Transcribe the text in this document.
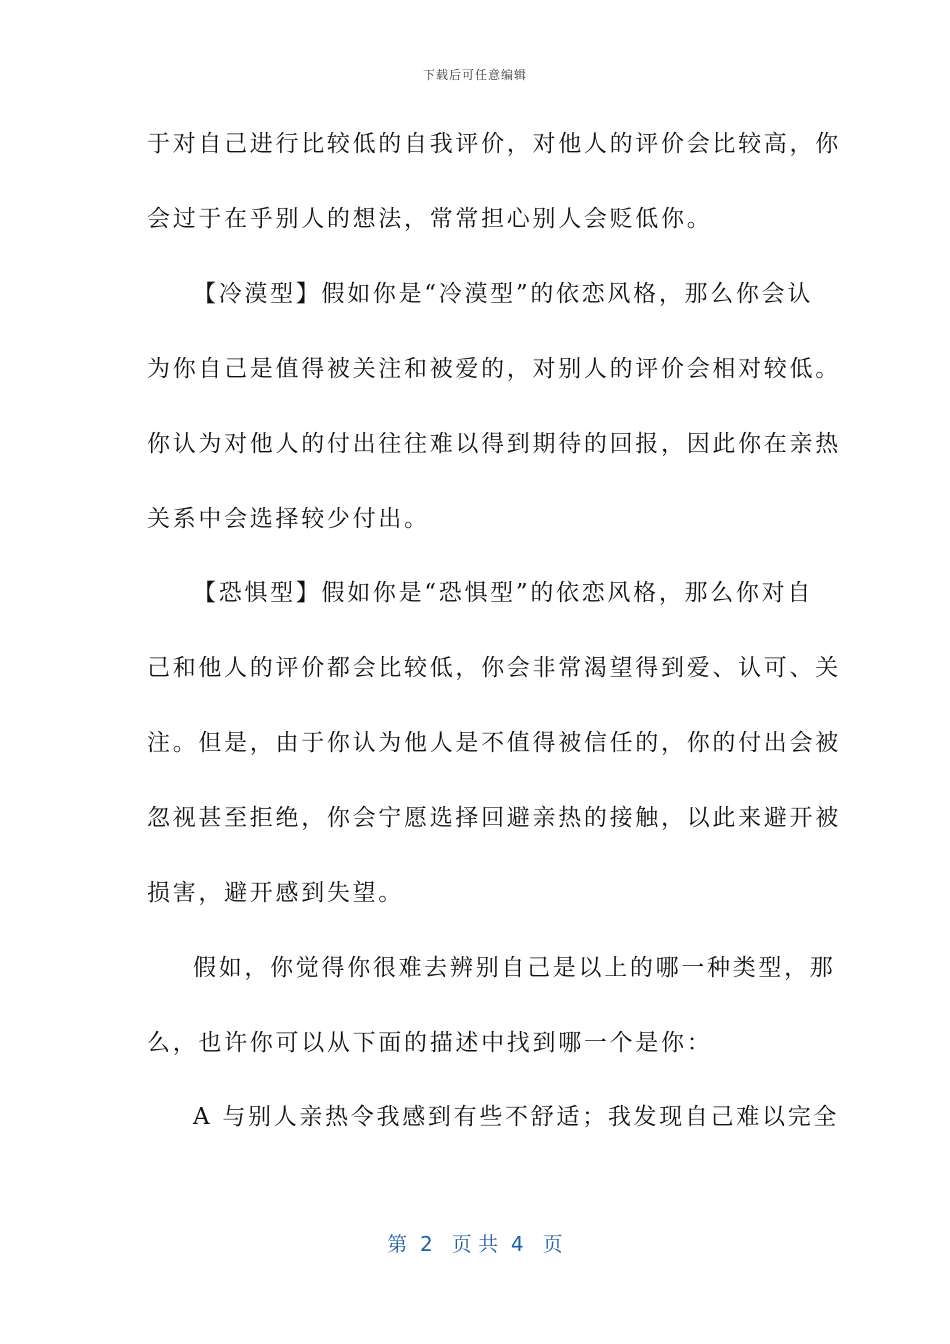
下载后可任意编辑
于对自己进行比较低的自我评价，对他人的评价会比较高，你
会过于在乎别人的想法，常常担心别人会贬低你。
【冷漠型】假如你是“冷漠型”的依恋风格，那么你会认
为你自己是值得被关注和被爱的，对别人的评价会相对较低。
你认为对他人的付出往往难以得到期待的回报，因此你在亲热
关系中会选择较少付出。
【恐惧型】假如你是“恐惧型”的依恋风格，那么你对自
己和他人的评价都会比较低，你会非常渴望得到爱、认可、关
注。但是，由于你认为他人是不值得被信任的，你的付出会被
忽视甚至拒绝，你会宁愿选择回避亲热的接触，以此来避开被
损害，避开感到失望。
假如，你觉得你很难去辨别自己是以上的哪一种类型，那
么，也许你可以从下面的描述中找到哪一个是你：
A 与别人亲热令我感到有些不舒适；我发现自己难以完全
第  2   页 共  4   页
